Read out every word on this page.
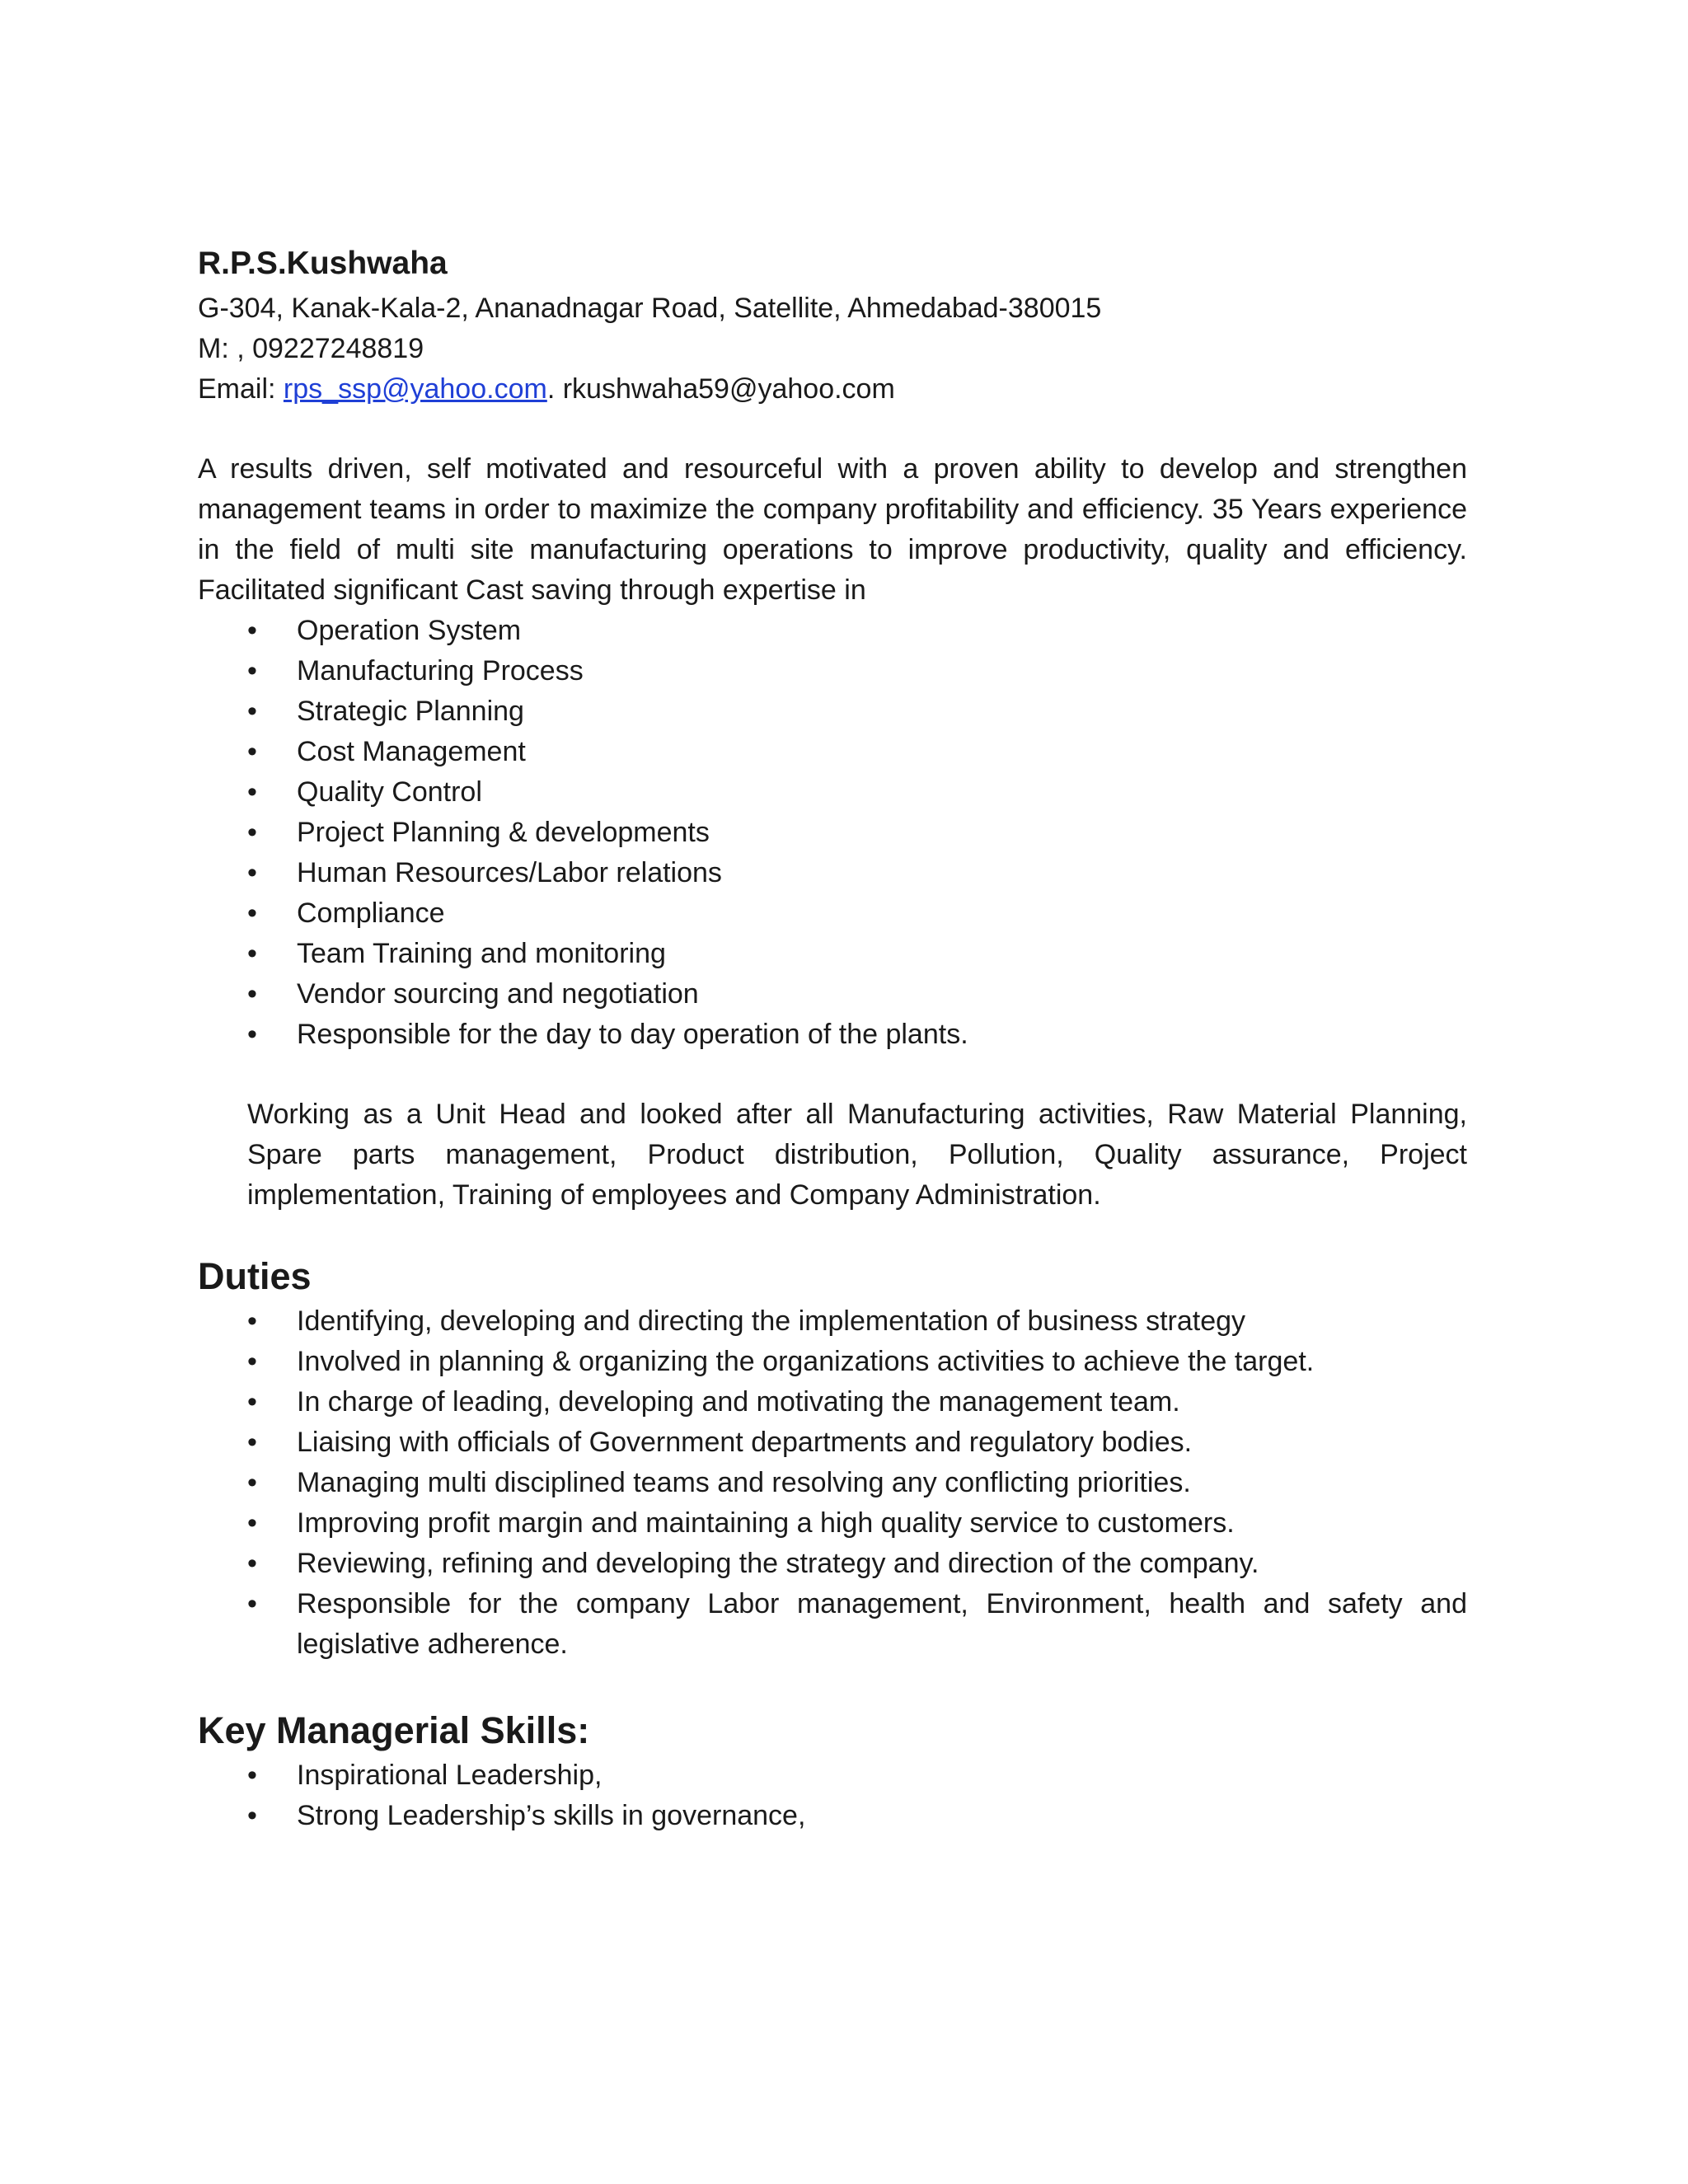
R.P.S.Kushwaha

G-304, Kanak-Kala-2, Ananadnagar Road, Satellite, Ahmedabad-380015

M: , 09227248819

Email: rps_ssp@yahoo.com. rkushwaha59@yahoo.com

A results driven, self motivated and resourceful with a proven ability to develop and strengthen management teams in order to maximize the company profitability and efficiency. 35 Years experience in the field of multi site manufacturing operations to improve productivity, quality and efficiency. Facilitated significant Cast saving through expertise in

•	Operation System
•	Manufacturing Process
•	Strategic Planning
•	Cost Management
•	Quality Control
•	Project Planning & developments
•	Human Resources/Labor relations
•	Compliance
•	Team Training and monitoring
•	Vendor sourcing and negotiation
•	Responsible for the day to day operation of the plants.

Working as a Unit Head and looked after all Manufacturing activities, Raw Material Planning, Spare parts management, Product distribution, Pollution, Quality assurance, Project implementation, Training of employees and Company Administration.

Duties

•	Identifying, developing and directing the implementation of business strategy
•	Involved in planning & organizing the organizations activities to achieve the target.
•	In charge of leading, developing and motivating the management team.
•	Liaising with officials of Government departments and regulatory bodies.
•	Managing multi disciplined teams and resolving any conflicting priorities.
•	Improving profit margin and maintaining a high quality service to customers.
•	Reviewing, refining and developing the strategy and direction of the company.
•	Responsible for the company Labor management, Environment, health and safety and legislative adherence.

Key Managerial Skills:

•	Inspirational Leadership,
•	Strong Leadership’s skills in governance,
